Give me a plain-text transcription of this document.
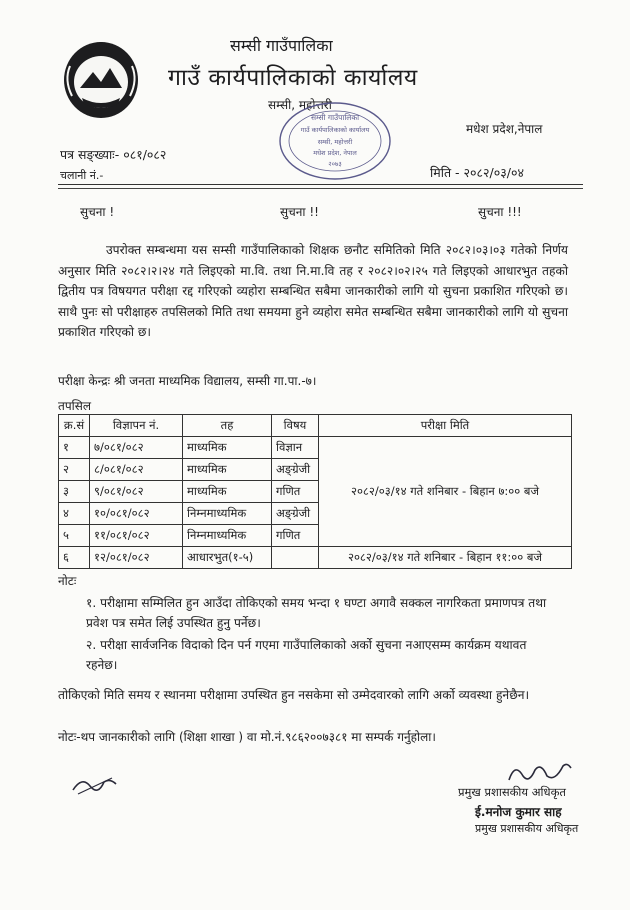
सम्सी गाउँपालिका
गाउँ कार्यपालिकाको कार्यालय
सम्सी, महोत्तरी
मधेश प्रदेश,नेपाल
सम्सी गाउँपालिका
गाउँ कार्यपालिकाको कार्यालय
सम्सी, महोत्तरी
मधेश प्रदेश, नेपाल
२०७३
पत्र सङ्ख्याः- ०८१/०८२
चलानी नं.-	मिति - २०८२/०३/०४
सुचना !	सुचना !!	सुचना !!!
उपरोक्त सम्बन्धमा यस सम्सी गाउँपालिकाको शिक्षक छनौट समितिको मिति २०८२।०३।०३ गतेको निर्णय अनुसार मिति २०८२।२।२४ गते लिइएको मा.वि. तथा नि.मा.वि तह र २०८२।०२।२५ गते लिइएको आधारभुत तहको द्वितीय पत्र विषयगत परीक्षा रद्द गरिएको व्यहोरा सम्बन्धित सबैमा जानकारीको लागि यो सुचना प्रकाशित गरिएको छ। साथै पुनः सो परीक्षाहरु तपसिलको मिति तथा समयमा हुने व्यहोरा समेत सम्बन्धित सबैमा जानकारीको लागि यो सुचना प्रकाशित गरिएको छ।
परीक्षा केन्द्रः श्री जनता माध्यमिक विद्यालय, सम्सी गा.पा.-७।
तपसिल
क्र.सं	विज्ञापन नं.	तह	विषय	परीक्षा मिति
१	७/०८१/०८२	माध्यमिक	विज्ञान	२०८२/०३/१४ गते शनिबार - बिहान ७:०० बजे
२	८/०८१/०८२	माध्यमिक	अङ्ग्रेजी	
३	९/०८१/०८२	माध्यमिक	गणित	
४	१०/०८१/०८२	निम्नमाध्यमिक	अङ्ग्रेजी	
५	११/०८१/०८२	निम्नमाध्यमिक	गणित	
६	१२/०८१/०८२	आधारभुत(१-५)		२०८२/०३/१४ गते शनिबार - बिहान ११:०० बजे
नोटः
१. परीक्षामा सम्मिलित हुन आउँदा तोकिएको समय भन्दा १ घण्टा अगावै सक्कल नागरिकता प्रमाणपत्र तथा प्रवेश पत्र समेत लिई उपस्थित हुनु पर्नेछ।
२. परीक्षा सार्वजनिक विदाको दिन पर्न गएमा गाउँपालिकाको अर्को सुचना नआएसम्म कार्यक्रम यथावत रहनेछ।
तोकिएको मिति समय र स्थानमा परीक्षामा उपस्थित हुन नसकेमा सो उम्मेदवारको लागि अर्को व्यवस्था हुनेछैन।
नोटः-थप जानकारीको लागि (शिक्षा शाखा ) वा मो.नं.९८६२००७३८१ मा सम्पर्क गर्नुहोला।
प्रमुख प्रशासकीय अधिकृत
ई.मनोज कुमार साह
प्रमुख प्रशासकीय अधिकृत
